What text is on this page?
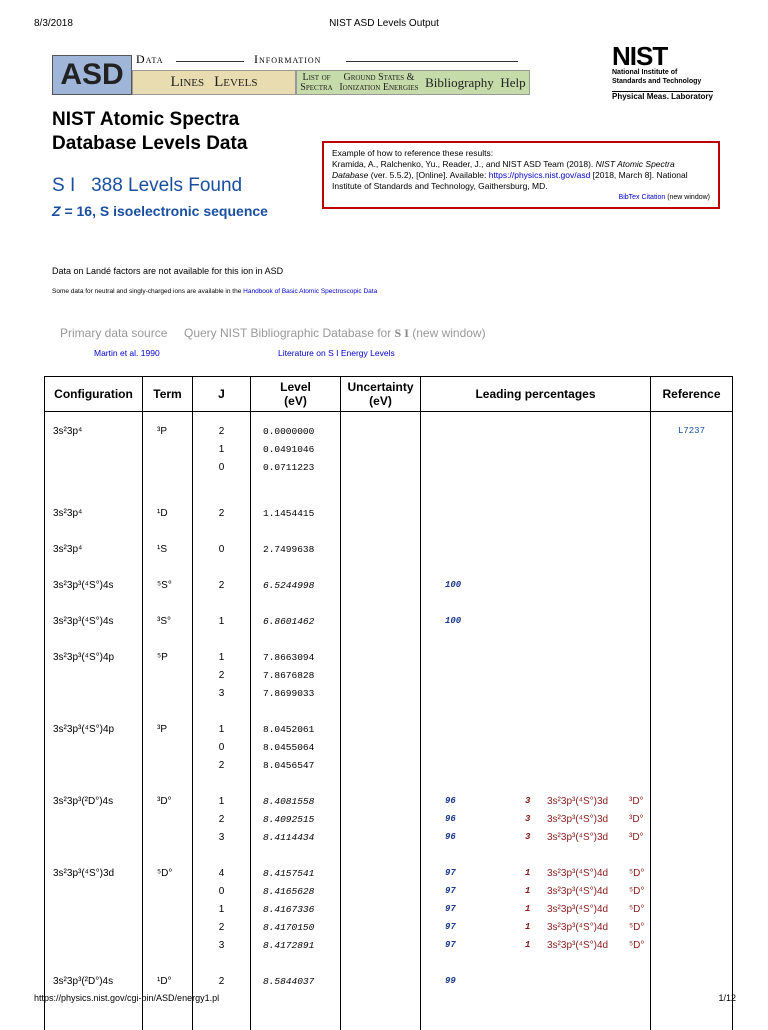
8/3/2018	NIST ASD Levels Output
ASD	Data	Information
Lines Levels	List of
Spectra
Ground States &
Ionization Energies Bibliography Help
NIST
National Institute of
Standards and Technology
Physical Meas. Laboratory
NIST Atomic Spectra
Database Levels Data
S I   388 Levels Found
Z = 16, S isoelectronic sequence
Example of how to reference these results:
Kramida, A., Ralchenko, Yu., Reader, J., and NIST ASD Team (2018). NIST Atomic Spectra Database (ver. 5.5.2), [Online]. Available: https://physics.nist.gov/asd [2018, March 8]. National Institute of Standards and Technology, Gaithersburg, MD.
BibTex Citation (new window)
Data on Landé factors are not available for this ion in ASD
Some data for neutral and singly-charged ions are available in the Handbook of Basic Atomic Spectroscopic Data
Primary data source
Martin et al. 1990
Query NIST Bibliographic Database for S I (new window)
Literature on S I Energy Levels
Configuration	Term	J	Level
(eV)	Uncertainty
(eV)	Leading percentages	Reference

3s²3p⁴	³P	2	0.0000000			L7237
		1	0.0491046			
		0	0.0711223			

3s²3p⁴	¹D	2	1.1454415			

3s²3p⁴	¹S	0	2.7499638			

3s²3p³(⁴S°)4s	⁵S°	2	6.5244998		100	

3s²3p³(⁴S°)4s	³S°	1	6.8601462		100	

3s²3p³(⁴S°)4p	⁵P	1	7.8663094			
		2	7.8676828			
		3	7.8699033			

3s²3p³(⁴S°)4p	³P	1	8.0452061			
		0	8.0455064			
		2	8.0456547			

3s²3p³(²D°)4s	³D°	1	8.4081558		96 3 3s²3p³(⁴S°)3d ³D°	

		2	8.4092515		96 3 3s²3p³(⁴S°)3d ³D°	

		3	8.4114434		96 3 3s²3p³(⁴S°)3d ³D°	

3s²3p³(⁴S°)3d	⁵D°	4	8.4157541		97 1 3s²3p³(⁴S°)4d ⁵D°	

		0	8.4165628		97 1 3s²3p³(⁴S°)4d ⁵D°	

		1	8.4167336		97 1 3s²3p³(⁴S°)4d ⁵D°	

		2	8.4170150		97 1 3s²3p³(⁴S°)4d ⁵D°	

		3	8.4172891		97 1 3s²3p³(⁴S°)4d ⁵D°	

3s²3p³(²D°)4s	¹D°	2	8.5844037		99	

https://physics.nist.gov/cgi-bin/ASD/energy1.pl	1/12
